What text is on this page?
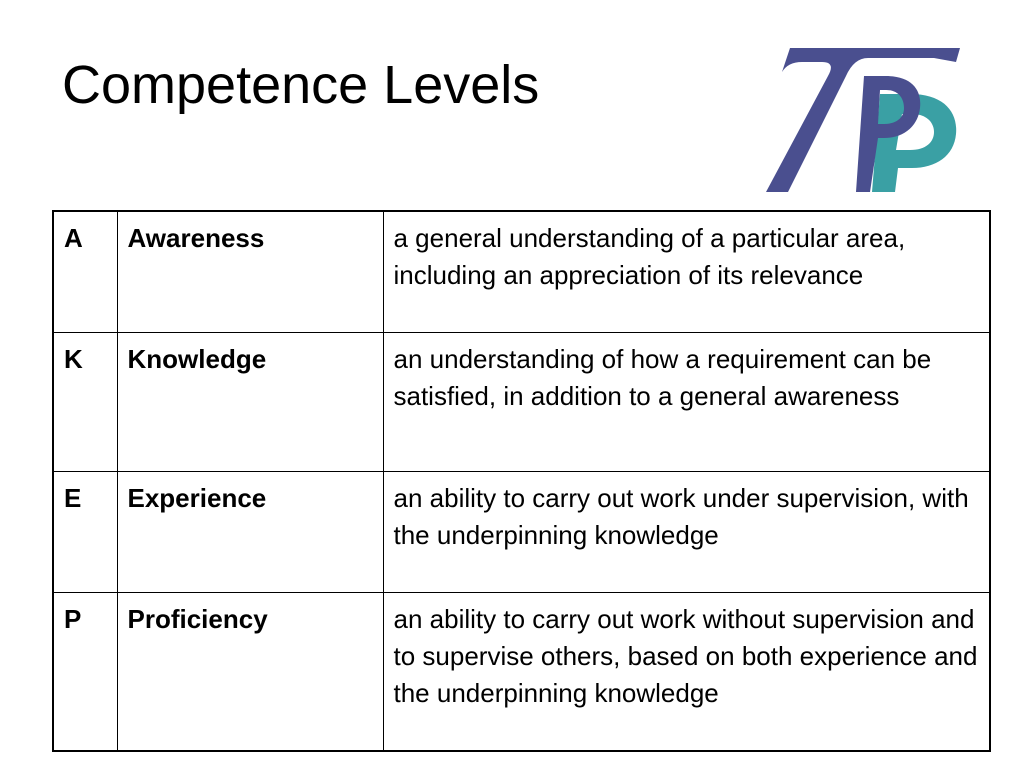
Competence Levels
A	Awareness	a general understanding of a particular area, including an appreciation of its relevance
K	Knowledge	an understanding of how a requirement can be satisfied, in addition to a general awareness
E	Experience	an ability to carry out work under supervision, with the underpinning knowledge
P	Proficiency	an ability to carry out work without supervision and to supervise others, based on both experience and the underpinning knowledge
